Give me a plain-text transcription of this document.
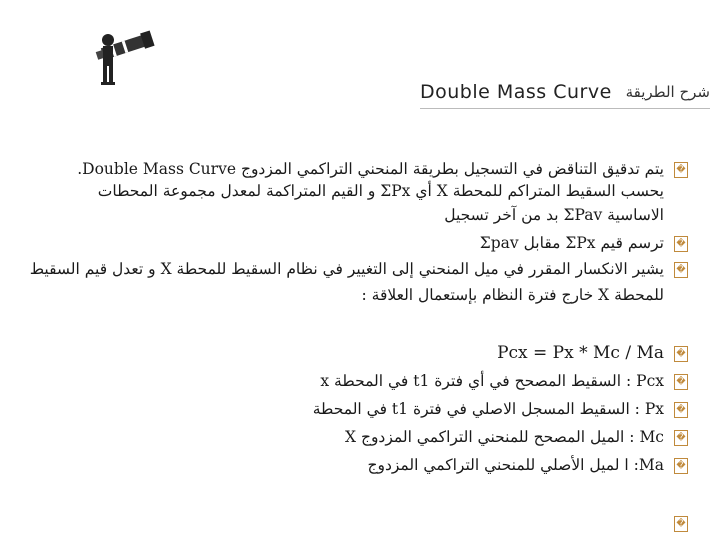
Double Mass Curve شرح الطريقة
�
�
�
�
�
�
�
�
�
يتم تدقيق التناقض في التسجيل بطريقة المنحني التراكمي المزدوج Double Mass Curve.
يحسب السقيط المتراكم للمحطة X أي ΣPx و القيم المتراكمة لمعدل مجموعة المحطات
الاساسية ΣPav بد من آخر تسجيل
ترسم قيم ΣPx مقابل Σpav
يشير الانكسار المقرر في ميل المنحني إلى التغيير في نظام السقيط للمحطة X و تعدل قيم السقيط
للمحطة X خارج فترة النظام بإستعمال العلاقة :
Pcx = Px * Mc / Ma
Pcx : السقيط المصحح في أي فترة t1 في المحطة x
Px : السقيط المسجل الاصلي في فترة t1 في المحطة
Mc : الميل المصحح للمنحني التراكمي المزدوج X
Ma: ا لميل الأصلي للمنحني التراكمي المزدوج
